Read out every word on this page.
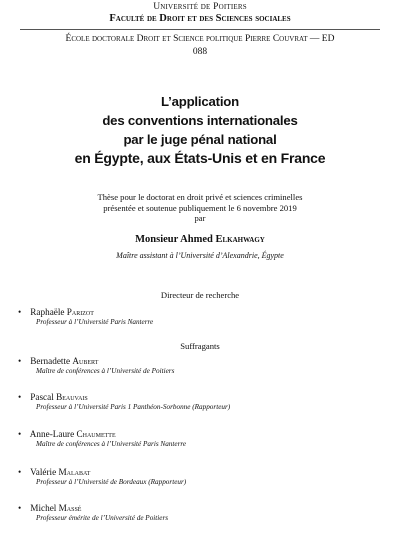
Université de Poitiers
Faculté de Droit et des Sciences sociales
École doctorale Droit et Science politique Pierre Couvrat — ED
088
L’application
des conventions internationales
par le juge pénal national
en Égypte, aux États-Unis et en France
Thèse pour le doctorat en droit privé et sciences criminelles
présentée et soutenue publiquement le 6 novembre 2019
par
Monsieur Ahmed Elkahwagy
Maître assistant à l’Université d’Alexandrie, Égypte
Directeur de recherche
• Raphaële Parizot
Professeur à l’Université Paris Nanterre
Suffragants
• Bernadette Aubert
Maître de conférences à l’Université de Poitiers
• Pascal Beauvais
Professeur à l’Université Paris 1 Panthéon-Sorbonne (Rapporteur)
• Anne-Laure Chaumette
Maître de conférences à l’Université Paris Nanterre
• Valérie Malabat
Professeur à l’Université de Bordeaux (Rapporteur)
• Michel Massé
Professeur émérite de l’Université de Poitiers
